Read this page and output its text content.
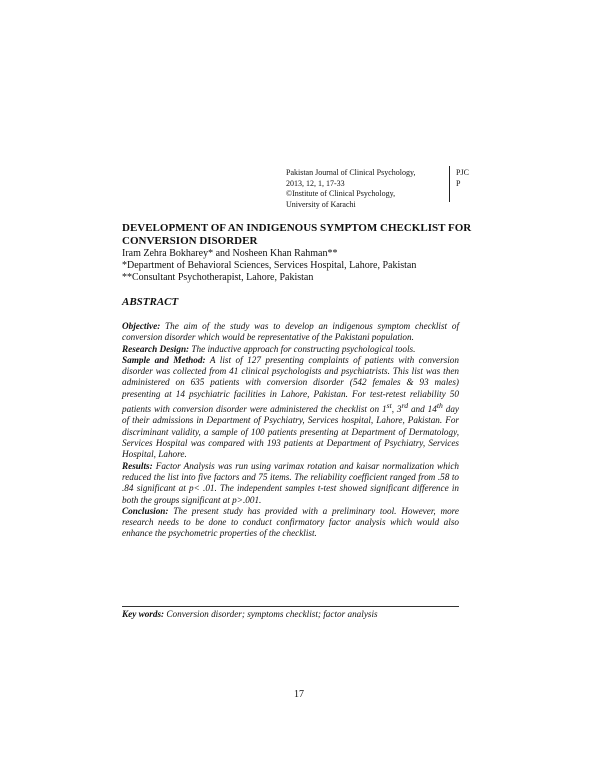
Pakistan Journal of Clinical Psychology,
2013, 12, 1, 17-33
©Institute of Clinical Psychology,
University of Karachi
PJC
P
DEVELOPMENT OF AN INDIGENOUS SYMPTOM CHECKLIST FOR CONVERSION DISORDER
Iram Zehra Bokharey* and Nosheen Khan Rahman**
*Department of Behavioral Sciences, Services Hospital, Lahore, Pakistan
**Consultant Psychotherapist, Lahore, Pakistan
ABSTRACT

Objective: The aim of the study was to develop an indigenous symptom checklist of conversion disorder which would be representative of the Pakistani population.

Research Design: The inductive approach for constructing psychological tools.

Sample and Method: A list of 127 presenting complaints of patients with conversion disorder was collected from 41 clinical psychologists and psychiatrists. This list was then administered on 635 patients with conversion disorder (542 females & 93 males) presenting at 14 psychiatric facilities in Lahore, Pakistan. For test-retest reliability 50 patients with conversion disorder were administered the checklist on 1st, 3rd and 14th day of their admissions in Department of Psychiatry, Services hospital, Lahore, Pakistan. For discriminant validity, a sample of 100 patients presenting at Department of Dermatology, Services Hospital was compared with 193 patients at Department of Psychiatry, Services Hospital, Lahore.

Results: Factor Analysis was run using varimax rotation and kaisar normalization which reduced the list into five factors and 75 items. The reliability coefficient ranged from .58 to .84 significant at p< .01. The independent samples t-test showed significant difference in both the groups significant at p>.001.

Conclusion: The present study has provided with a preliminary tool. However, more research needs to be done to conduct confirmatory factor analysis which would also enhance the psychometric properties of the checklist.

Key words: Conversion disorder; symptoms checklist; factor analysis
17
